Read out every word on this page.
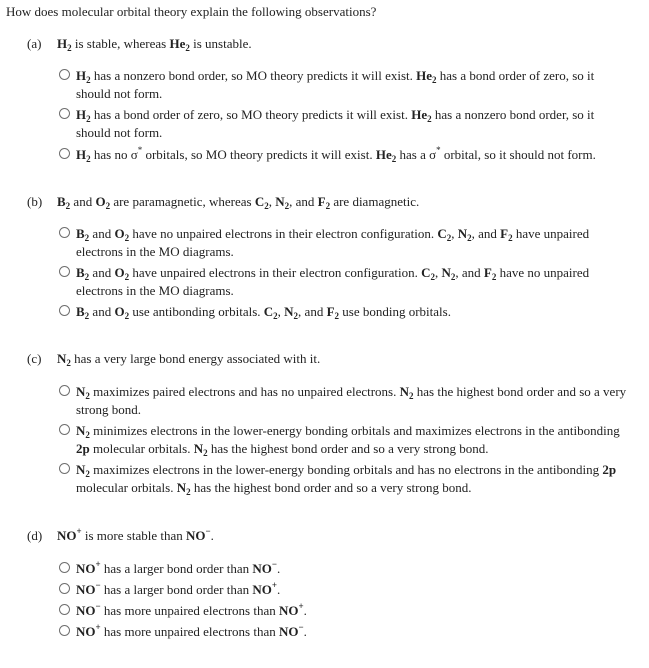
How does molecular orbital theory explain the following observations?
(a)	$H_2$ is stable, whereas $He_2$ is unstable.
$H_2$ has a nonzero bond order, so MO theory predicts it will exist. $He_2$ has a bond order of zero, so it should not form.
$H_2$ has a bond order of zero, so MO theory predicts it will exist. $He_2$ has a nonzero bond order, so it should not form.
$H_2$ has no σ* orbitals, so MO theory predicts it will exist. $He_2$ has a σ* orbital, so it should not form.
(b)	$B_2$ and $O_2$ are paramagnetic, whereas $C_2$, $N_2$, and $F_2$ are diamagnetic.
$B_2$ and $O_2$ have no unpaired electrons in their electron configuration. $C_2$, $N_2$, and $F_2$ have unpaired electrons in the MO diagrams.
$B_2$ and $O_2$ have unpaired electrons in their electron configuration. $C_2$, $N_2$, and $F_2$ have no unpaired electrons in the MO diagrams.
$B_2$ and $O_2$ use antibonding orbitals. $C_2$, $N_2$, and $F_2$ use bonding orbitals.
(c)	$N_2$ has a very large bond energy associated with it.
$N_2$ maximizes paired electrons and has no unpaired electrons. $N_2$ has the highest bond order and so a very strong bond.
$N_2$ minimizes electrons in the lower-energy bonding orbitals and maximizes electrons in the antibonding 2p molecular orbitals. $N_2$ has the highest bond order and so a very strong bond.
$N_2$ maximizes electrons in the lower-energy bonding orbitals and has no electrons in the antibonding 2p molecular orbitals. $N_2$ has the highest bond order and so a very strong bond.
(d)	NO+ is more stable than NO−.
NO+ has a larger bond order than NO−.
NO− has a larger bond order than NO+.
NO− has more unpaired electrons than NO+.
NO+ has more unpaired electrons than NO−.
